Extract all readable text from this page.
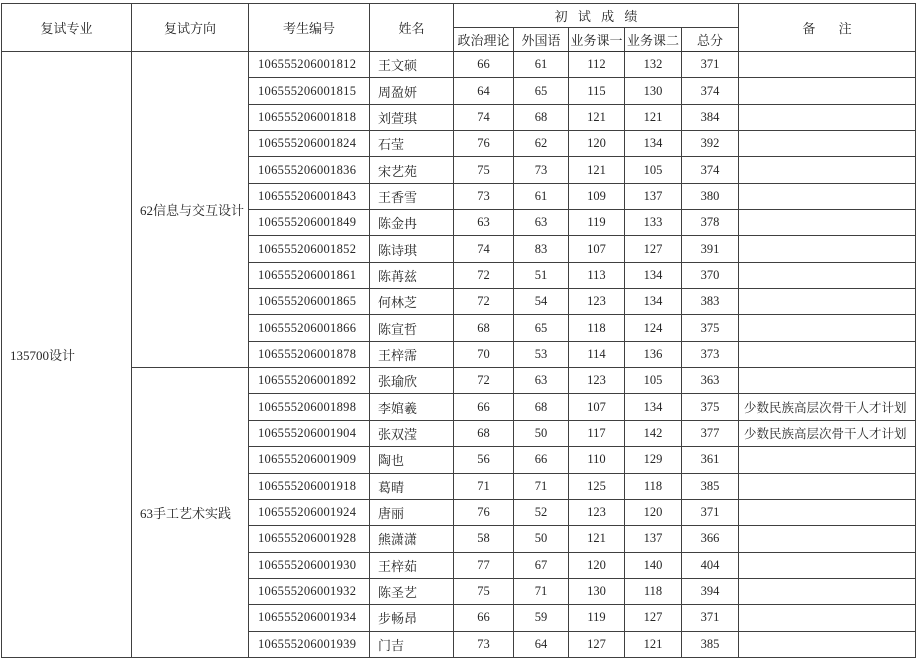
复试专业	复试方向	考生编号	姓名	初 试 成 绩					备 注
				政治理论	外国语	业务课一	业务课二	总分	
135700设计	62信息与交互设计	106555206001812	王文硕	66	61	112	132	371	
		106555206001815	周盈妍	64	65	115	130	374	
		106555206001818	刘萱琪	74	68	121	121	384	
		106555206001824	石莹	76	62	120	134	392	
		106555206001836	宋艺苑	75	73	121	105	374	
		106555206001843	王香雪	73	61	109	137	380	
		106555206001849	陈金冉	63	63	119	133	378	
		106555206001852	陈诗琪	74	83	107	127	391	
		106555206001861	陈苒兹	72	51	113	134	370	
		106555206001865	何林芝	72	54	123	134	383	
		106555206001866	陈宣哲	68	65	118	124	375	
		106555206001878	王梓霈	70	53	114	136	373	
	63手工艺术实践	106555206001892	张瑜欣	72	63	123	105	363	
		106555206001898	李婠羲	66	68	107	134	375	少数民族高层次骨干人才计划
		106555206001904	张双滢	68	50	117	142	377	少数民族高层次骨干人才计划
		106555206001909	陶也	56	66	110	129	361	
		106555206001918	葛晴	71	71	125	118	385	
		106555206001924	唐丽	76	52	123	120	371	
		106555206001928	熊潇潇	58	50	121	137	366	
		106555206001930	王梓茹	77	67	120	140	404	
		106555206001932	陈圣艺	75	71	130	118	394	
		106555206001934	步畅昂	66	59	119	127	371	
		106555206001939	门吉	73	64	127	121	385	
